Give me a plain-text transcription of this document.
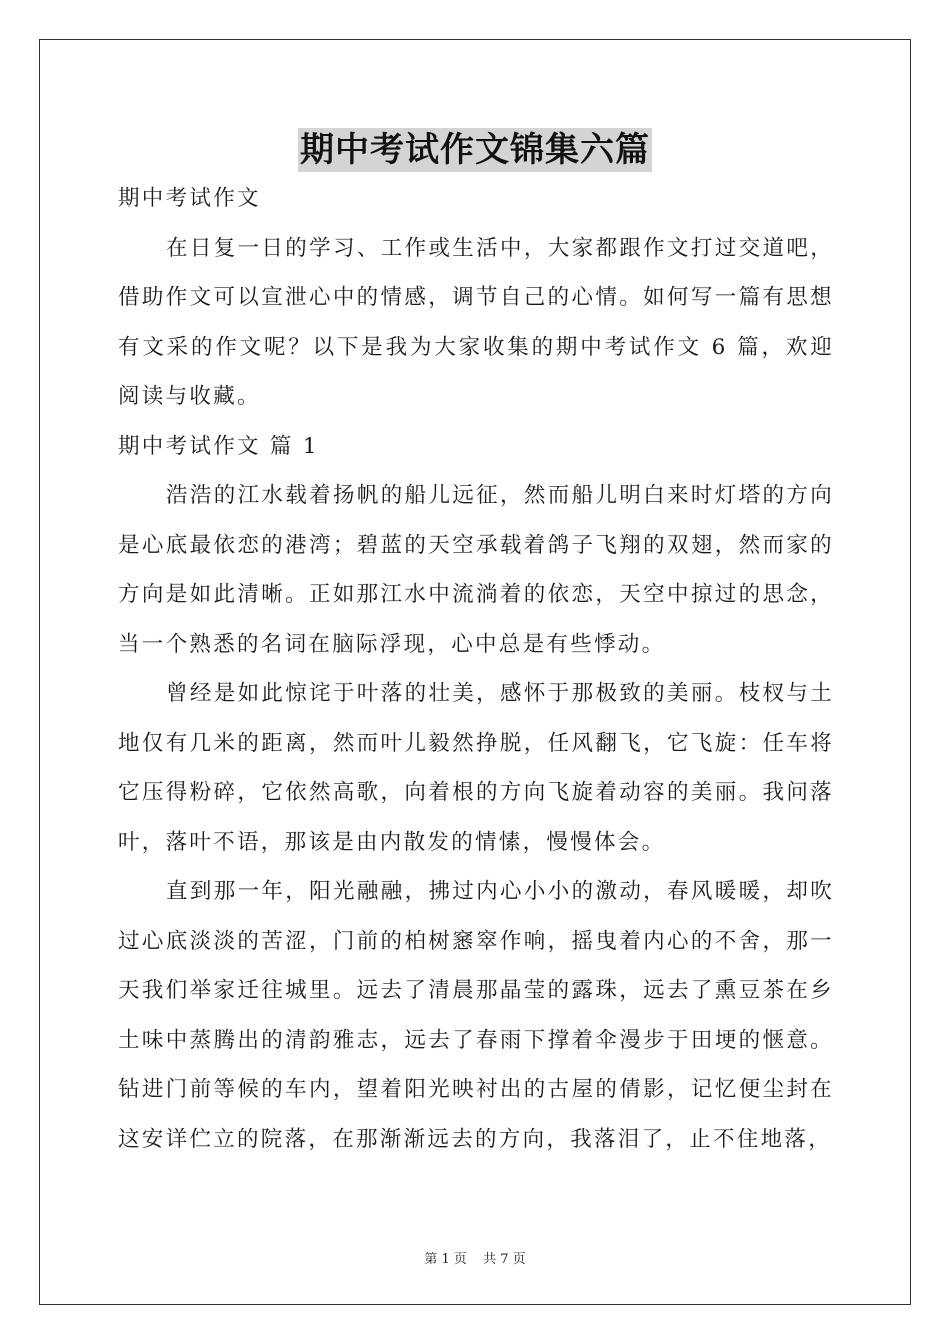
期中考试作文锦集六篇

期中考试作文

在日复一日的学习、工作或生活中，大家都跟作文打过交道吧，借助作文可以宣泄心中的情感，调节自己的心情。如何写一篇有思想有文采的作文呢？以下是我为大家收集的期中考试作文 6 篇，欢迎阅读与收藏。

期中考试作文 篇 1

浩浩的江水载着扬帆的船儿远征，然而船儿明白来时灯塔的方向是心底最依恋的港湾；碧蓝的天空承载着鸽子飞翔的双翅，然而家的方向是如此清晰。正如那江水中流淌着的依恋，天空中掠过的思念，当一个熟悉的名词在脑际浮现，心中总是有些悸动。

曾经是如此惊诧于叶落的壮美，感怀于那极致的美丽。枝杈与土地仅有几米的距离，然而叶儿毅然挣脱，任风翻飞，它飞旋：任车将它压得粉碎，它依然高歌，向着根的方向飞旋着动容的美丽。我问落叶，落叶不语，那该是由内散发的情愫，慢慢体会。

直到那一年，阳光融融，拂过内心小小的激动，春风暖暖，却吹过心底淡淡的苦涩，门前的柏树窸窣作响，摇曳着内心的不舍，那一天我们举家迁往城里。远去了清晨那晶莹的露珠，远去了熏豆茶在乡土味中蒸腾出的清韵雅志，远去了春雨下撑着伞漫步于田埂的惬意。钻进门前等候的车内，望着阳光映衬出的古屋的倩影，记忆便尘封在这安详伫立的院落，在那渐渐远去的方向，我落泪了，止不住地落，

第 1 页 共 7 页
